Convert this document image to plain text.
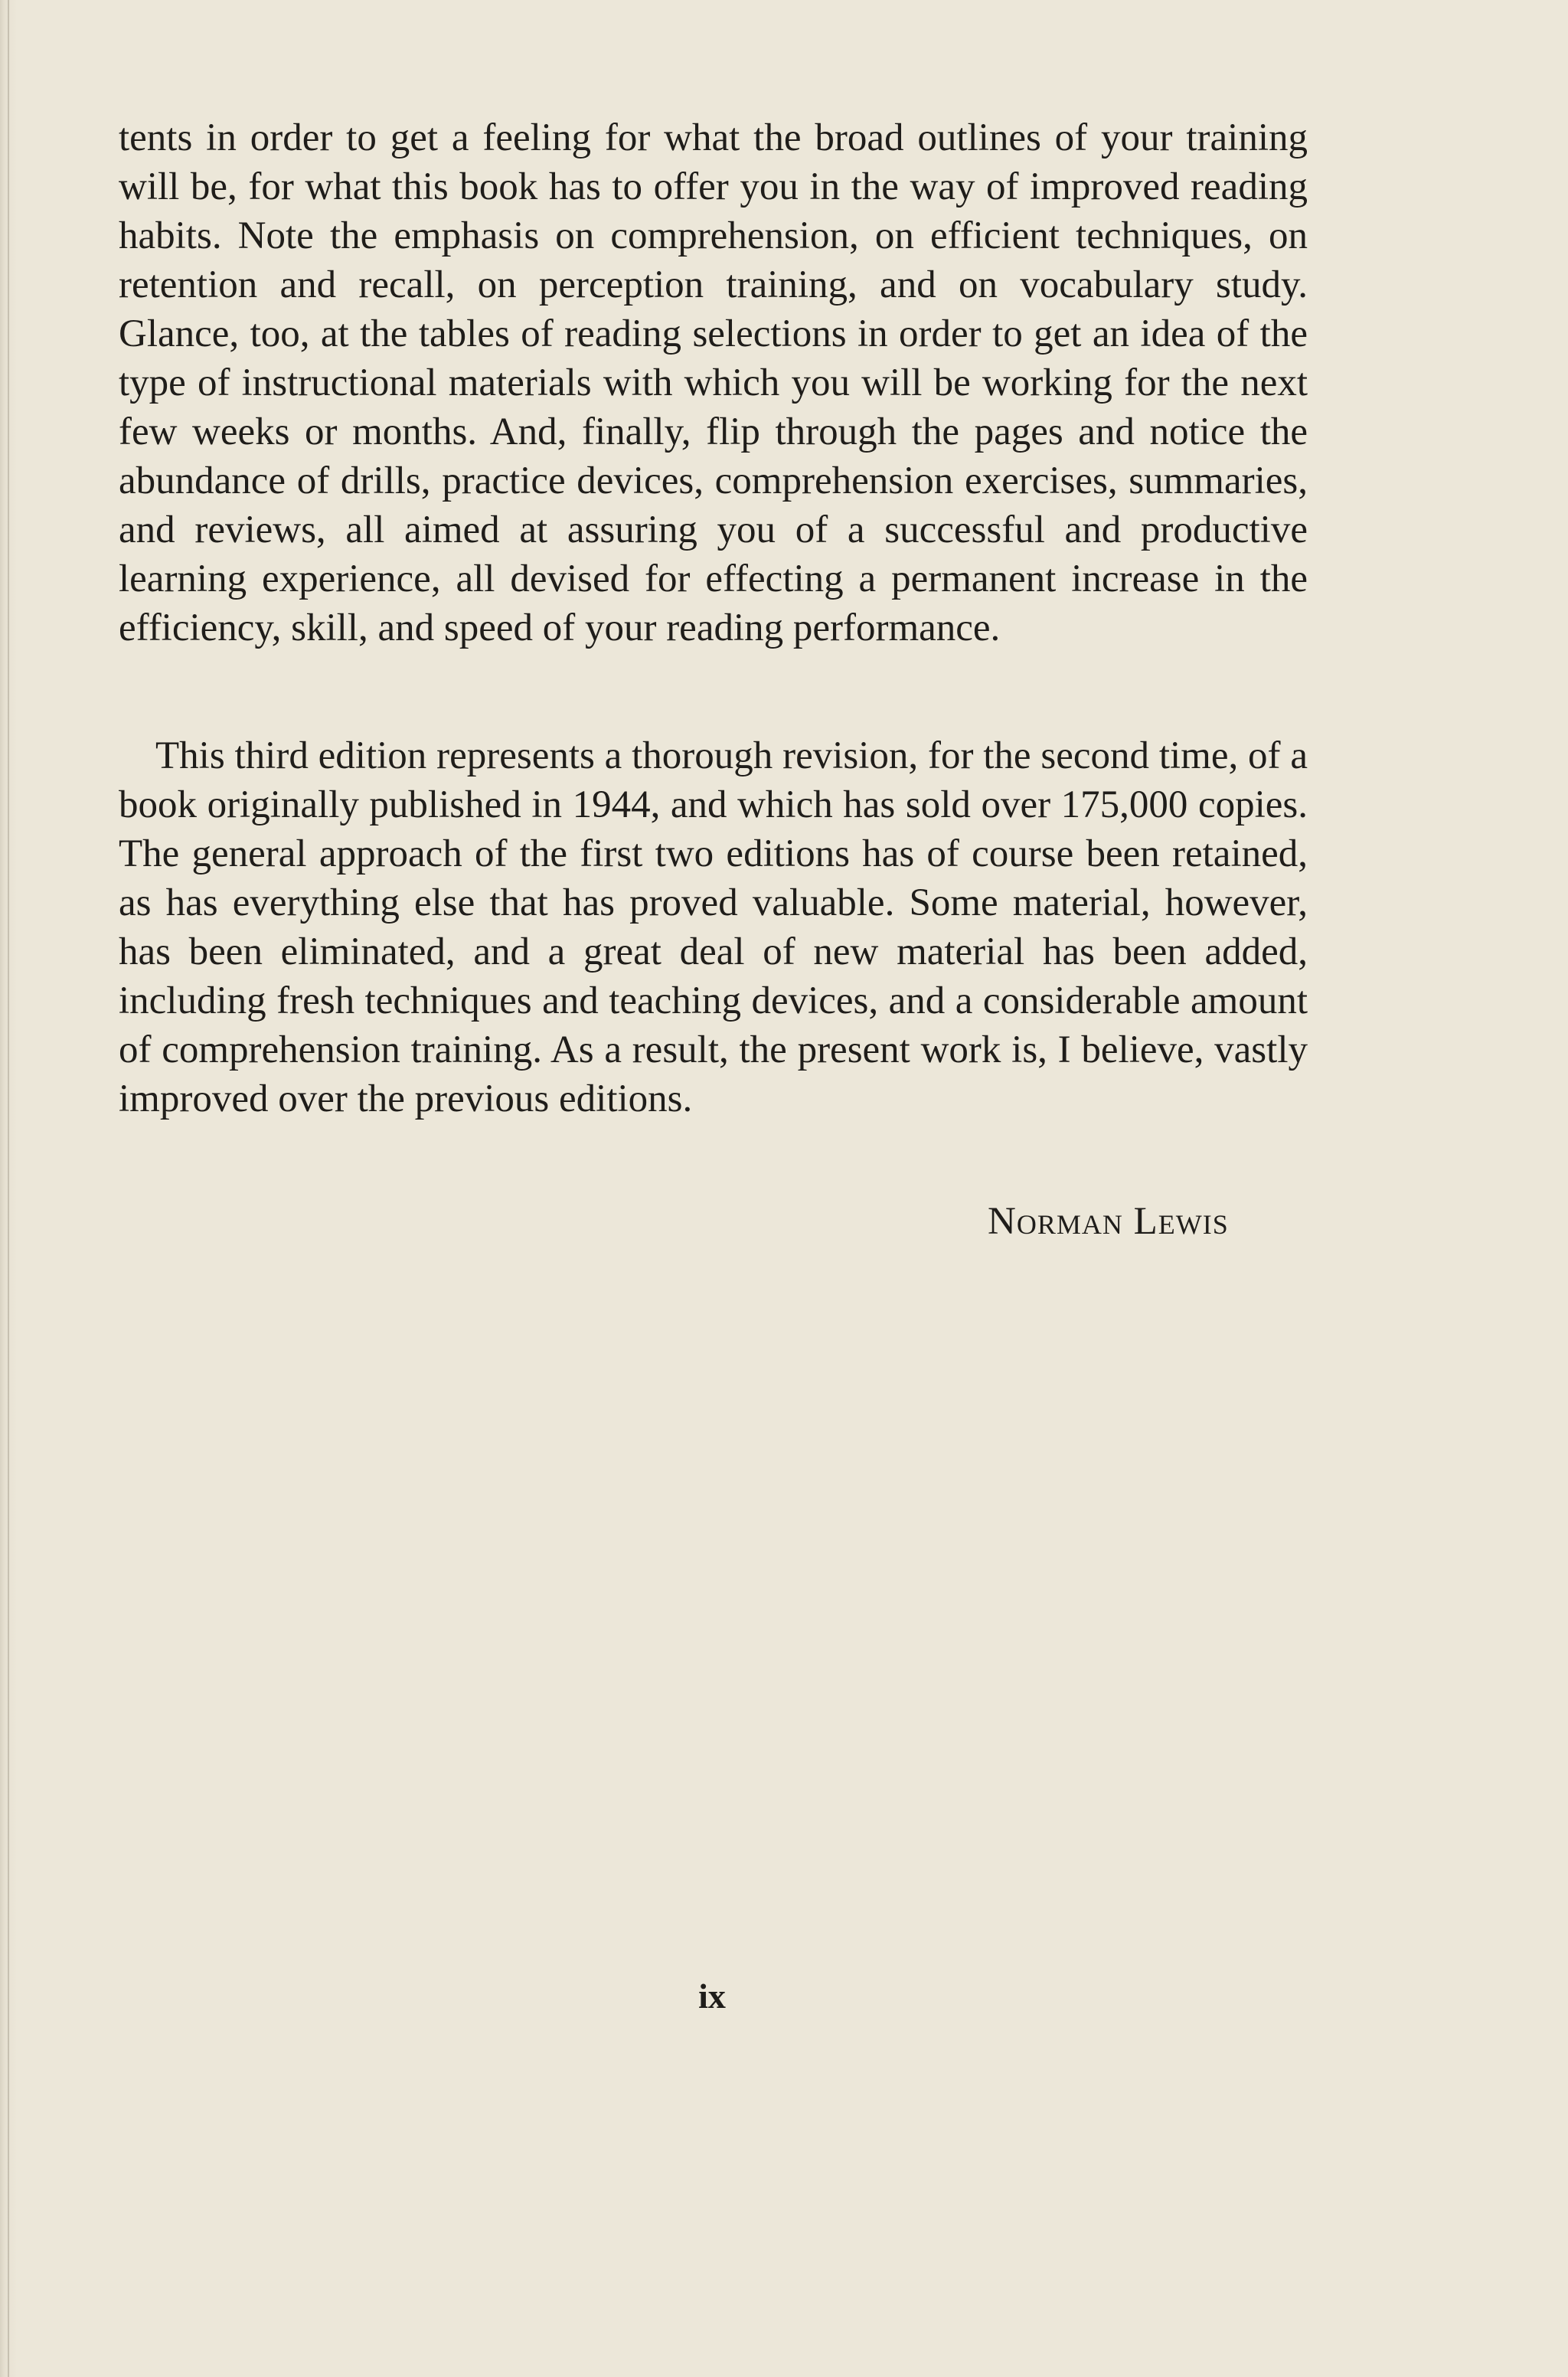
tents in order to get a feeling for what the broad outlines of your training will be, for what this book has to offer you in the way of improved reading habits. Note the emphasis on comprehension, on efficient techniques, on retention and recall, on perception training, and on vocabulary study. Glance, too, at the tables of reading selections in order to get an idea of the type of instructional materials with which you will be working for the next few weeks or months. And, finally, flip through the pages and notice the abundance of drills, practice devices, comprehension exercises, summaries, and reviews, all aimed at assuring you of a successful and productive learning experience, all devised for effecting a permanent increase in the efficiency, skill, and speed of your reading performance.

This third edition represents a thorough revision, for the second time, of a book originally published in 1944, and which has sold over 175,000 copies. The general approach of the first two editions has of course been retained, as has everything else that has proved valuable. Some material, however, has been eliminated, and a great deal of new material has been added, including fresh techniques and teaching devices, and a considerable amount of comprehension training. As a result, the present work is, I believe, vastly improved over the previous editions.

Norman Lewis
ix
